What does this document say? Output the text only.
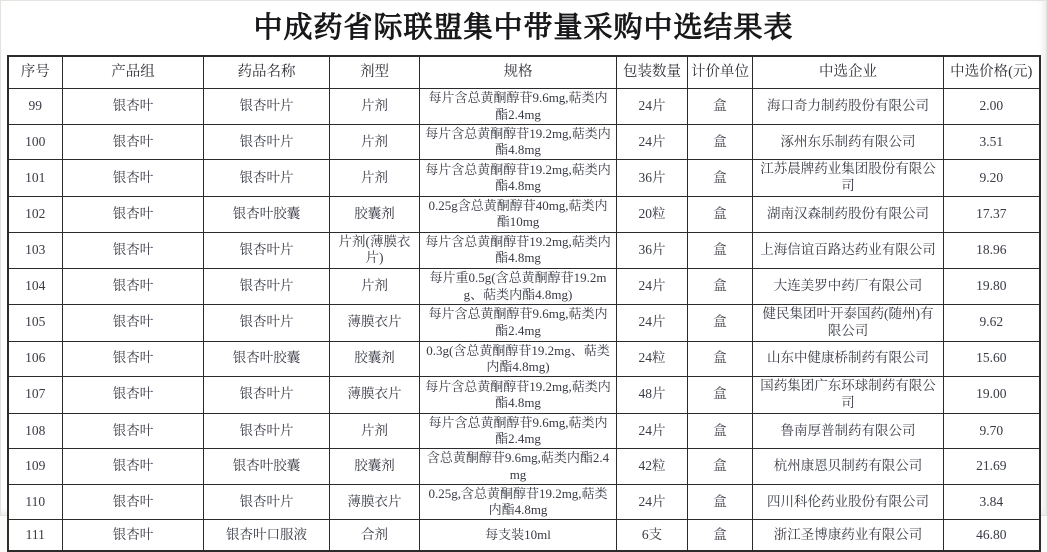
中成药省际联盟集中带量采购中选结果表
序号	产品组	药品名称	剂型	规格	包装数量	计价单位	中选企业	中选价格(元)
99	银杏叶	银杏叶片	片剂	每片含总黄酮醇苷9.6mg,萜类内酯2.4mg	24片	盒	海口奇力制药股份有限公司	2.00
100	银杏叶	银杏叶片	片剂	每片含总黄酮醇苷19.2mg,萜类内酯4.8mg	24片	盒	涿州东乐制药有限公司	3.51
101	银杏叶	银杏叶片	片剂	每片含总黄酮醇苷19.2mg,萜类内酯4.8mg	36片	盒	江苏晨牌药业集团股份有限公司	9.20
102	银杏叶	银杏叶胶囊	胶囊剂	0.25g含总黄酮醇苷40mg,萜类内酯10mg	20粒	盒	湖南汉森制药股份有限公司	17.37
103	银杏叶	银杏叶片	片剂(薄膜衣片)	每片含总黄酮醇苷19.2mg,萜类内酯4.8mg	36片	盒	上海信谊百路达药业有限公司	18.96
104	银杏叶	银杏叶片	片剂	每片重0.5g(含总黄酮醇苷19.2mg、萜类内酯4.8mg)	24片	盒	大连美罗中药厂有限公司	19.80
105	银杏叶	银杏叶片	薄膜衣片	每片含总黄酮醇苷9.6mg,萜类内酯2.4mg	24片	盒	健民集团叶开泰国药(随州)有限公司	9.62
106	银杏叶	银杏叶胶囊	胶囊剂	0.3g(含总黄酮醇苷19.2mg、萜类内酯4.8mg)	24粒	盒	山东中健康桥制药有限公司	15.60
107	银杏叶	银杏叶片	薄膜衣片	每片含总黄酮醇苷19.2mg,萜类内酯4.8mg	48片	盒	国药集团广东环球制药有限公司	19.00
108	银杏叶	银杏叶片	片剂	每片含总黄酮醇苷9.6mg,萜类内酯2.4mg	24片	盒	鲁南厚普制药有限公司	9.70
109	银杏叶	银杏叶胶囊	胶囊剂	含总黄酮醇苷9.6mg,萜类内酯2.4mg	42粒	盒	杭州康恩贝制药有限公司	21.69
110	银杏叶	银杏叶片	薄膜衣片	0.25g,含总黄酮醇苷19.2mg,萜类内酯4.8mg	24片	盒	四川科伦药业股份有限公司	3.84
111	银杏叶	银杏叶口服液	合剂	每支装10ml	6支	盒	浙江圣博康药业有限公司	46.80
